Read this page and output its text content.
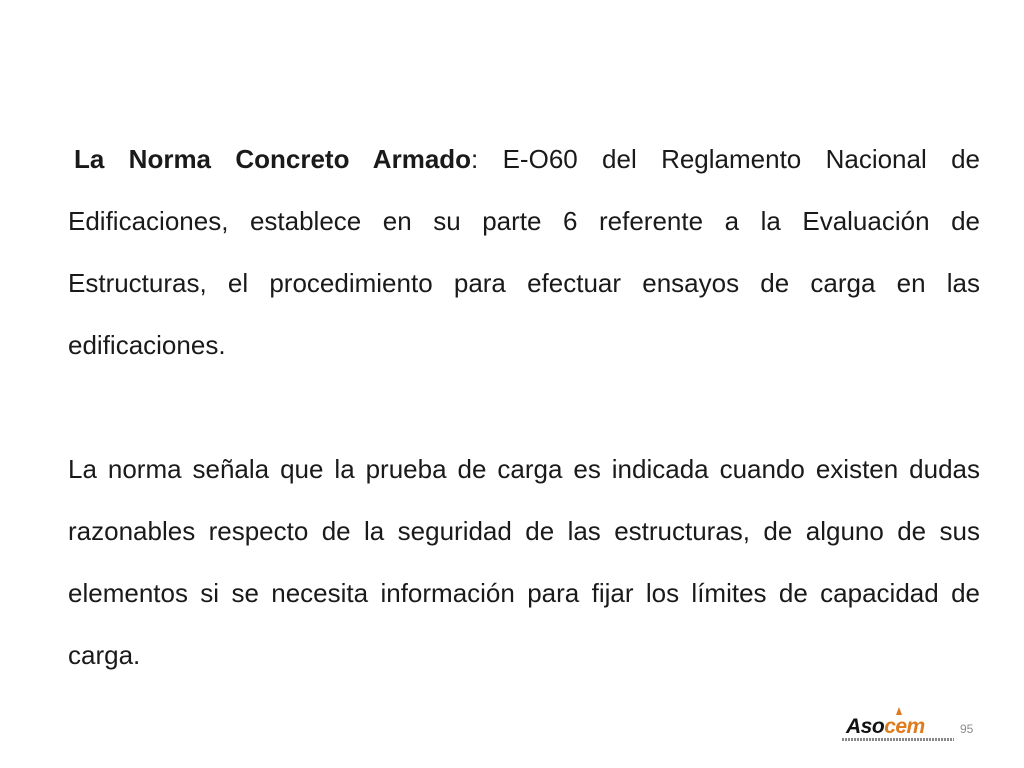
La Norma Concreto Armado: E-O60 del Reglamento Nacional de Edificaciones, establece en su parte 6 referente a la Evaluación de Estructuras, el procedimiento para efectuar ensayos de carga en las edificaciones.

La norma señala que la prueba de carga es indicada cuando existen dudas razonables respecto de la seguridad de las estructuras, de alguno de sus elementos si se necesita información para fijar los límites de capacidad de carga.

Asocem	95
